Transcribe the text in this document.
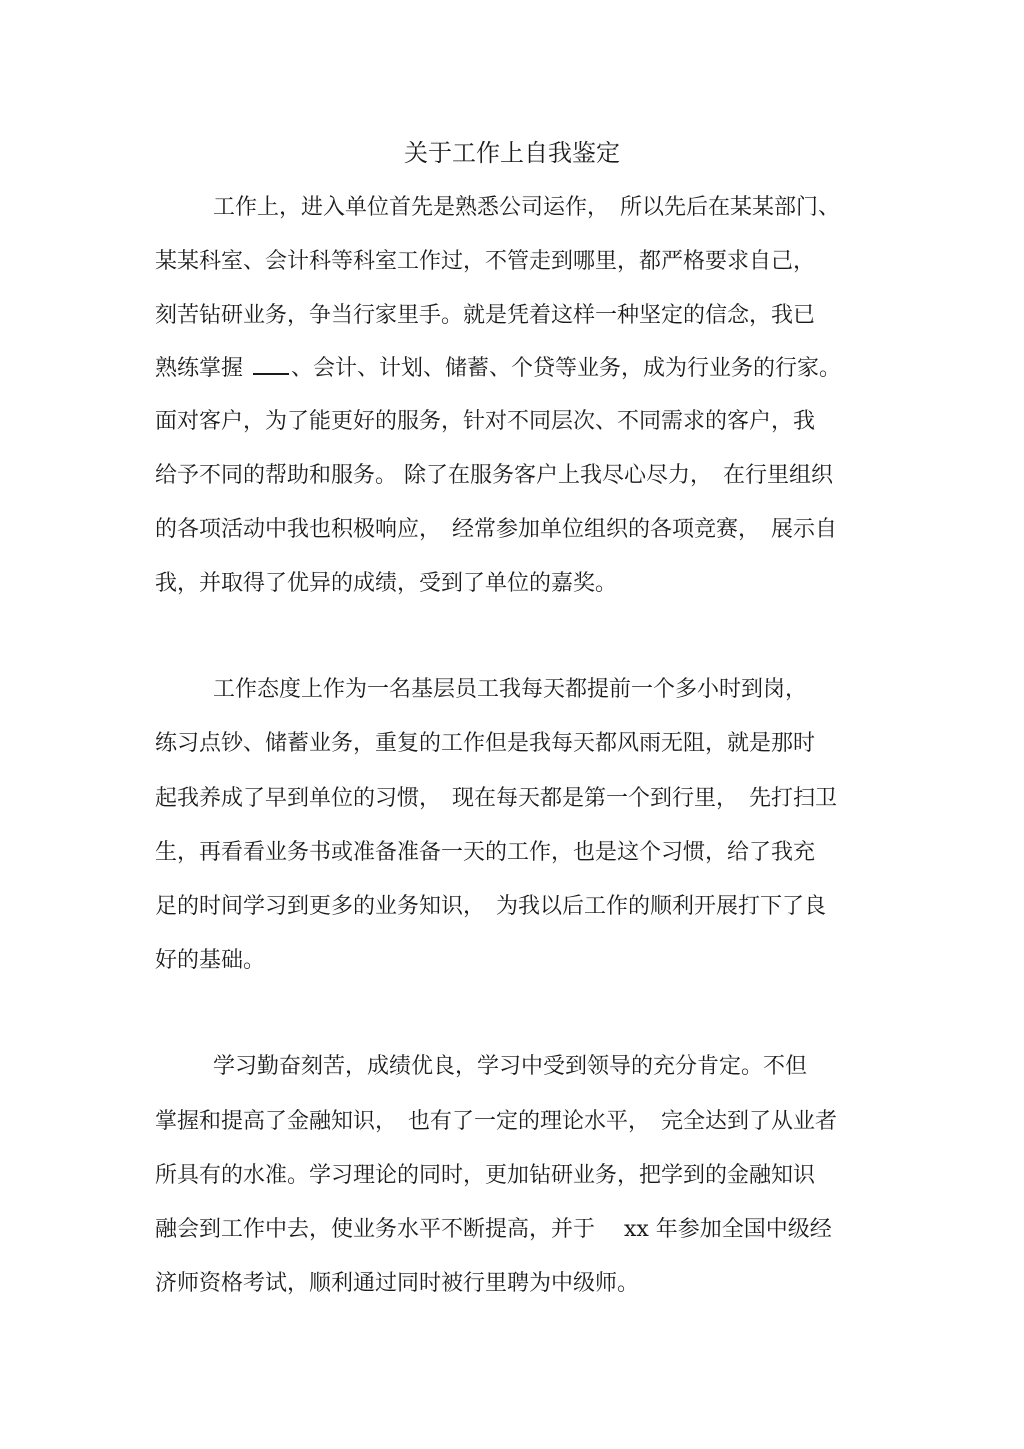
关于工作上自我鉴定
工作上，进入单位首先是熟悉公司运作，　所以先后在某某部门、
某某科室、会计科等科室工作过，不管走到哪里，都严格要求自己，
刻苦钻研业务，争当行家里手。就是凭着这样一种坚定的信念，我已
熟练掌握 、会计、计划、储蓄、个贷等业务，成为行业务的行家。
面对客户，为了能更好的服务，针对不同层次、不同需求的客户，我
给予不同的帮助和服务。 除了在服务客户上我尽心尽力，　在行里组织
的各项活动中我也积极响应，　经常参加单位组织的各项竞赛，　展示自
我，并取得了优异的成绩，受到了单位的嘉奖。
工作态度上作为一名基层员工我每天都提前一个多小时到岗，
练习点钞、储蓄业务，重复的工作但是我每天都风雨无阻，就是那时
起我养成了早到单位的习惯，　现在每天都是第一个到行里，　先打扫卫
生，再看看业务书或准备准备一天的工作，也是这个习惯，给了我充
足的时间学习到更多的业务知识，　为我以后工作的顺利开展打下了良
好的基础。
学习勤奋刻苦，成绩优良，学习中受到领导的充分肯定。不但
掌握和提高了金融知识，　也有了一定的理论水平，　完全达到了从业者
所具有的水准。学习理论的同时，更加钻研业务，把学到的金融知识
融会到工作中去，使业务水平不断提高，并于　 xx 年参加全国中级经
济师资格考试，顺利通过同时被行里聘为中级师。
